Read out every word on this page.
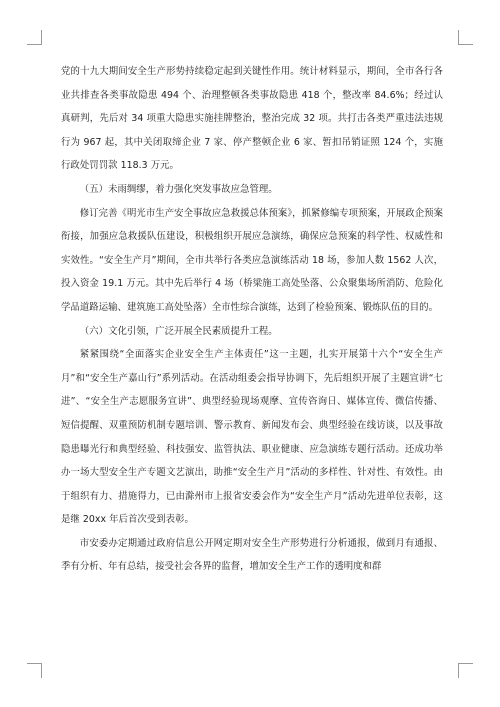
党的十九大期间安全生产形势持续稳定起到关键性作用。统计材料显示，期间，全市各行各业共排查各类事故隐患 494 个、治理整顿各类事故隐患 418 个，整改率 84.6%；经过认真研判，先后对 34 项重大隐患实施挂牌整治，整治完成 32 项。共打击各类严重违法违规行为 967 起，其中关闭取缔企业 7 家、停产整顿企业 6 家、暂扣吊销证照 124 个，实施行政处罚罚款 118.3 万元。

（五）未雨绸缪，着力强化突发事故应急管理。

修订完善《明光市生产安全事故应急救援总体预案》，抓紧修编专项预案，开展政企预案衔接，加强应急救援队伍建设，积极组织开展应急演练，确保应急预案的科学性、权威性和实效性。“安全生产月”期间，全市共举行各类应急演练活动 18 场，参加人数 1562 人次，投入资金 19.1 万元。其中先后举行 4 场（桥梁施工高处坠落、公众聚集场所消防、危险化学品道路运输、建筑施工高处坠落）全市性综合演练，达到了检验预案、锻炼队伍的目的。

（六）文化引领，广泛开展全民素质提升工程。

紧紧围绕“全面落实企业安全生产主体责任”这一主题，扎实开展第十六个“安全生产月”和“安全生产嘉山行”系列活动。在活动组委会指导协调下，先后组织开展了主题宣讲“七进”、“安全生产志愿服务宣讲”、典型经验现场观摩、宣传咨询日、媒体宣传、微信传播、短信提醒、双重预防机制专题培训、警示教育、新闻发布会、典型经验在线访谈，以及事故隐患曝光行和典型经验、科技强安、监管执法、职业健康、应急演练专题行活动。还成功举办一场大型安全生产专题文艺演出，助推“安全生产月”活动的多样性、针对性、有效性。由于组织有力、措施得力，已由滁州市上报省安委会作为“安全生产月”活动先进单位表彰，这是继 20xx 年后首次受到表彰。

市安委办定期通过政府信息公开网定期对安全生产形势进行分析通报，做到月有通报、季有分析、年有总结，接受社会各界的监督，增加安全生产工作的透明度和群
